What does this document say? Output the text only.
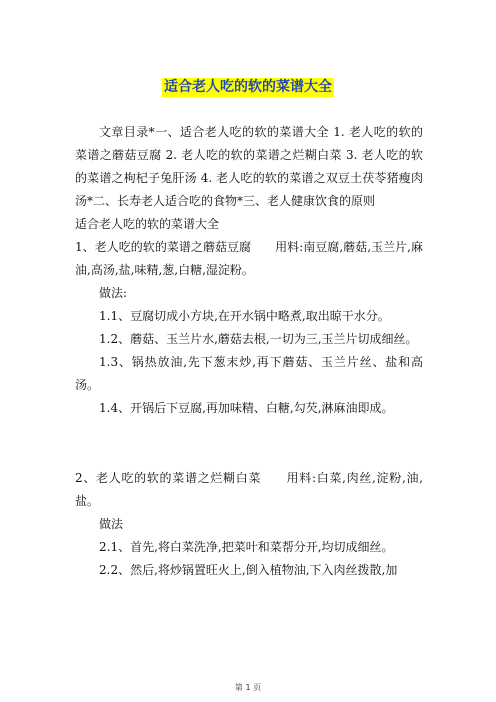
适合老人吃的软的菜谱大全

文章目录*一、适合老人吃的软的菜谱大全 1. 老人吃的软的菜谱之蘑菇豆腐 2. 老人吃的软的菜谱之烂糊白菜 3. 老人吃的软的菜谱之枸杞子兔肝汤 4. 老人吃的软的菜谱之双豆土茯苓猪瘦肉汤*二、长寿老人适合吃的食物*三、老人健康饮食的原则

适合老人吃的软的菜谱大全

1、老人吃的软的菜谱之蘑菇豆腐　　用料:南豆腐,蘑菇,玉兰片,麻油,高汤,盐,味精,葱,白糖,湿淀粉。

做法:

1.1、豆腐切成小方块,在开水锅中略煮,取出晾干水分。

1.2、蘑菇、玉兰片水,蘑菇去根,一切为三,玉兰片切成细丝。

1.3、锅热放油,先下葱末炒,再下蘑菇、玉兰片丝、盐和高汤。

1.4、开锅后下豆腐,再加味精、白糖,勾芡,淋麻油即成。

2、老人吃的软的菜谱之烂糊白菜　　用料:白菜,肉丝,淀粉,油,盐。

做法

2.1、首先,将白菜洗净,把菜叶和菜帮分开,均切成细丝。

2.2、然后,将炒锅置旺火上,倒入植物油,下入肉丝拨散,加

第 1 页
